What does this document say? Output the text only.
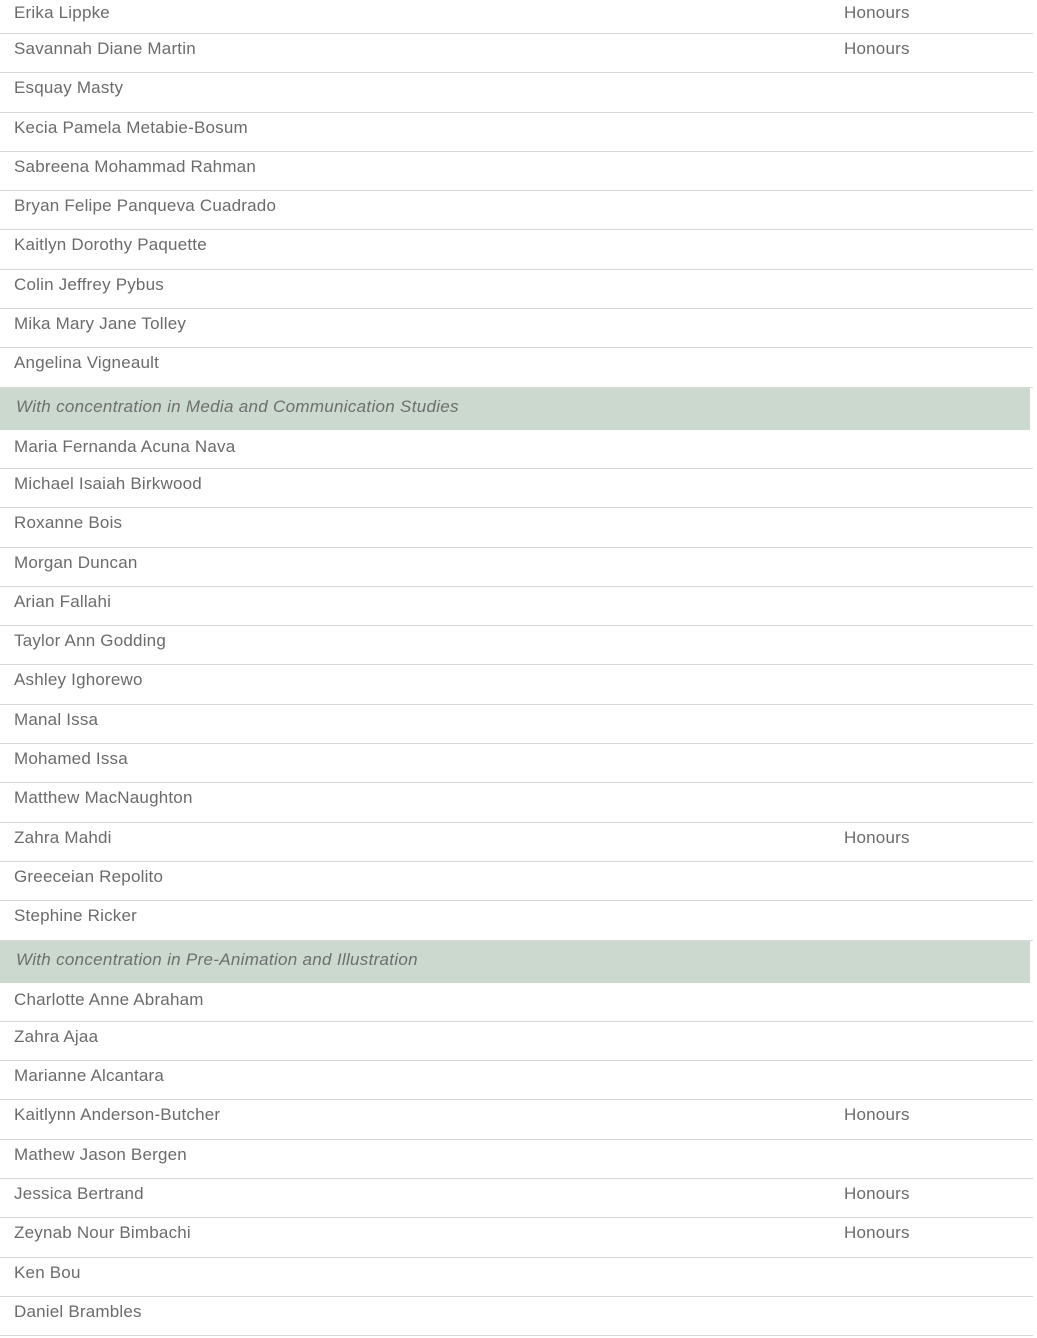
Erika Lippke	Honours
Savannah Diane Martin	Honours
Esquay Masty
Kecia Pamela Metabie-Bosum
Sabreena Mohammad Rahman
Bryan Felipe Panqueva Cuadrado
Kaitlyn Dorothy Paquette
Colin Jeffrey Pybus
Mika Mary Jane Tolley
Angelina Vigneault
With concentration in Media and Communication Studies
Maria Fernanda Acuna Nava
Michael Isaiah Birkwood
Roxanne Bois
Morgan Duncan
Arian Fallahi
Taylor Ann Godding
Ashley Ighorewo
Manal Issa
Mohamed Issa
Matthew MacNaughton
Zahra Mahdi	Honours
Greeceian Repolito
Stephine Ricker
With concentration in Pre-Animation and Illustration
Charlotte Anne Abraham
Zahra Ajaa
Marianne Alcantara
Kaitlynn Anderson-Butcher	Honours
Mathew Jason Bergen
Jessica Bertrand	Honours
Zeynab Nour Bimbachi	Honours
Ken Bou
Daniel Brambles
